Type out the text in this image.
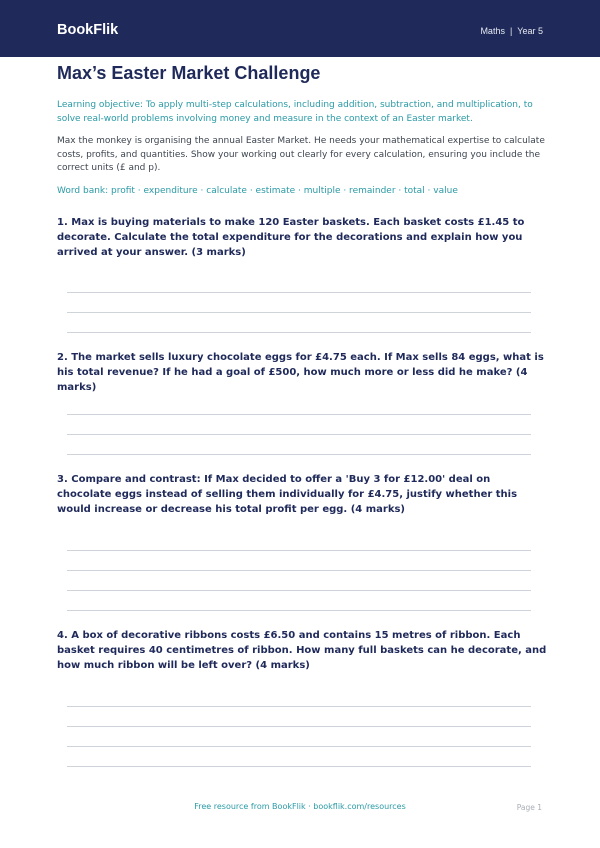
BookFlik	Maths | Year 5
Max’s Easter Market Challenge
Learning objective: To apply multi-step calculations, including addition, subtraction, and multiplication, to solve real-world problems involving money and measure in the context of an Easter market.
Max the monkey is organising the annual Easter Market. He needs your mathematical expertise to calculate costs, profits, and quantities. Show your working out clearly for every calculation, ensuring you include the correct units (£ and p).
Word bank: profit · expenditure · calculate · estimate · multiple · remainder · total · value
1. Max is buying materials to make 120 Easter baskets. Each basket costs £1.45 to decorate. Calculate the total expenditure for the decorations and explain how you arrived at your answer. (3 marks)
2. The market sells luxury chocolate eggs for £4.75 each. If Max sells 84 eggs, what is his total revenue? If he had a goal of £500, how much more or less did he make? (4 marks)
3. Compare and contrast: If Max decided to offer a 'Buy 3 for £12.00' deal on chocolate eggs instead of selling them individually for £4.75, justify whether this would increase or decrease his total profit per egg. (4 marks)
4. A box of decorative ribbons costs £6.50 and contains 15 metres of ribbon. Each basket requires 40 centimetres of ribbon. How many full baskets can he decorate, and how much ribbon will be left over? (4 marks)
Free resource from BookFlik · bookflik.com/resources	Page 1
